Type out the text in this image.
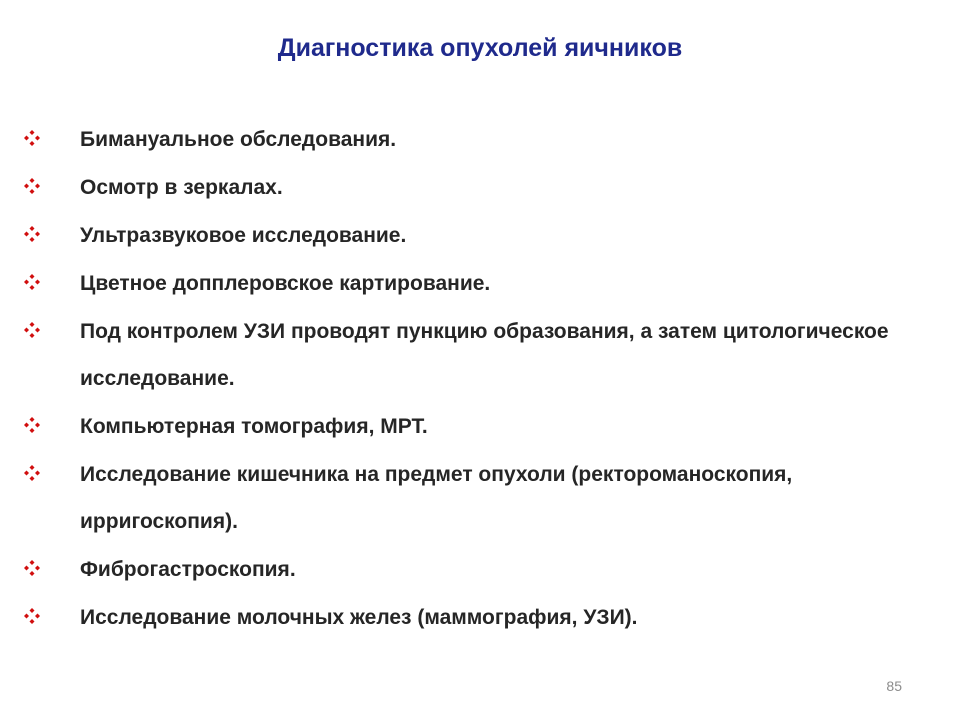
Диагностика опухолей яичников
Бимануальное обследования.
Осмотр в зеркалах.
Ультразвуковое исследование.
Цветное допплеровское картирование.
Под контролем УЗИ проводят пункцию образования, а затем цитологическое исследование.
Компьютерная томография, МРТ.
Исследование кишечника на предмет опухоли (ректороманоскопия, ирригоскопия).
Фиброгастроскопия.
Исследование молочных желез (маммография, УЗИ).
85
